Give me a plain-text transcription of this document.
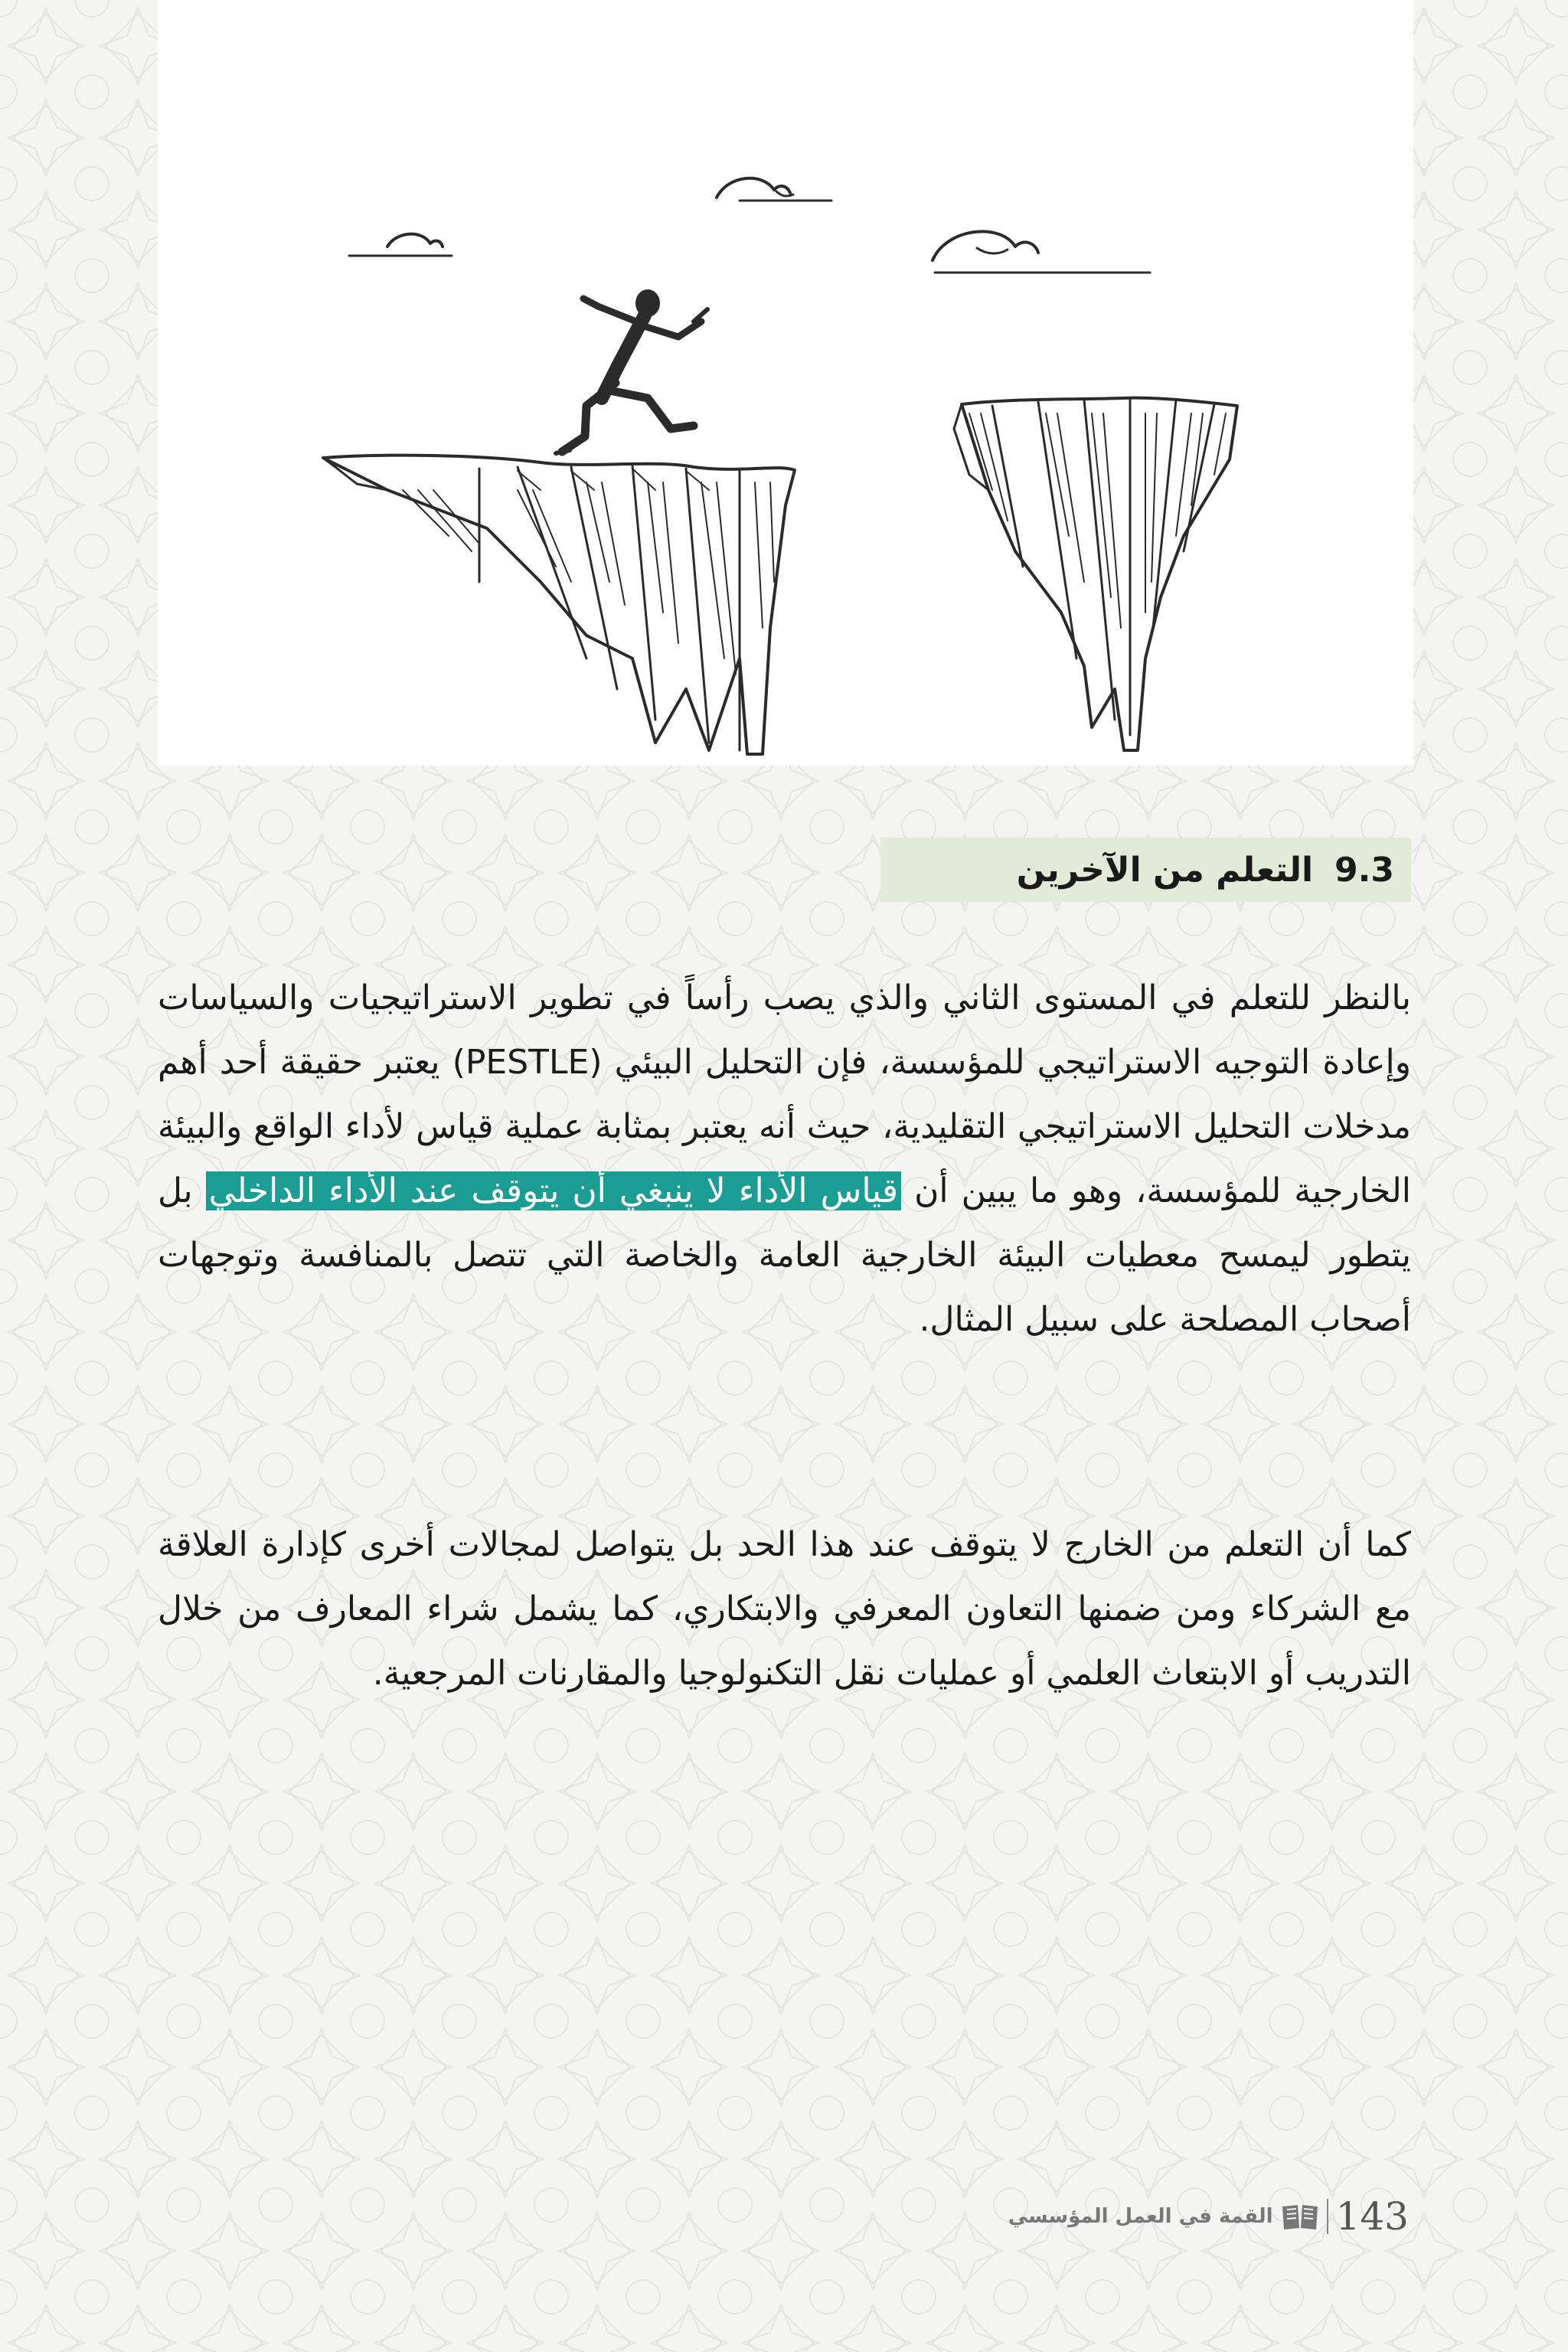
9.3
التعلم من الآخرين

بالنظر للتعلم في المستوى الثاني والذي يصب رأساً في تطوير الاستراتيجيات والسياسات وإعادة التوجيه الاستراتيجي للمؤسسة، فإن التحليل البيئي (PESTLE) يعتبر حقيقة أحد أهم مدخلات التحليل الاستراتيجي التقليدية، حيث أنه يعتبر بمثابة عملية قياس لأداء الواقع والبيئة الخارجية للمؤسسة، وهو ما يبين أن قياس الأداء لا ينبغي أن يتوقف عند الأداء الداخلي بل يتطور ليمسح معطيات البيئة الخارجية العامة والخاصة التي تتصل بالمنافسة وتوجهات أصحاب المصلحة على سبيل المثال.

كما أن التعلم من الخارج لا يتوقف عند هذا الحد بل يتواصل لمجالات أخرى كإدارة العلاقة مع الشركاء ومن ضمنها التعاون المعرفي والابتكاري، كما يشمل شراء المعارف من خلال التدريب أو الابتعاث العلمي أو عمليات نقل التكنولوجيا والمقارنات المرجعية.

القمة في العمل المؤسسي 143
